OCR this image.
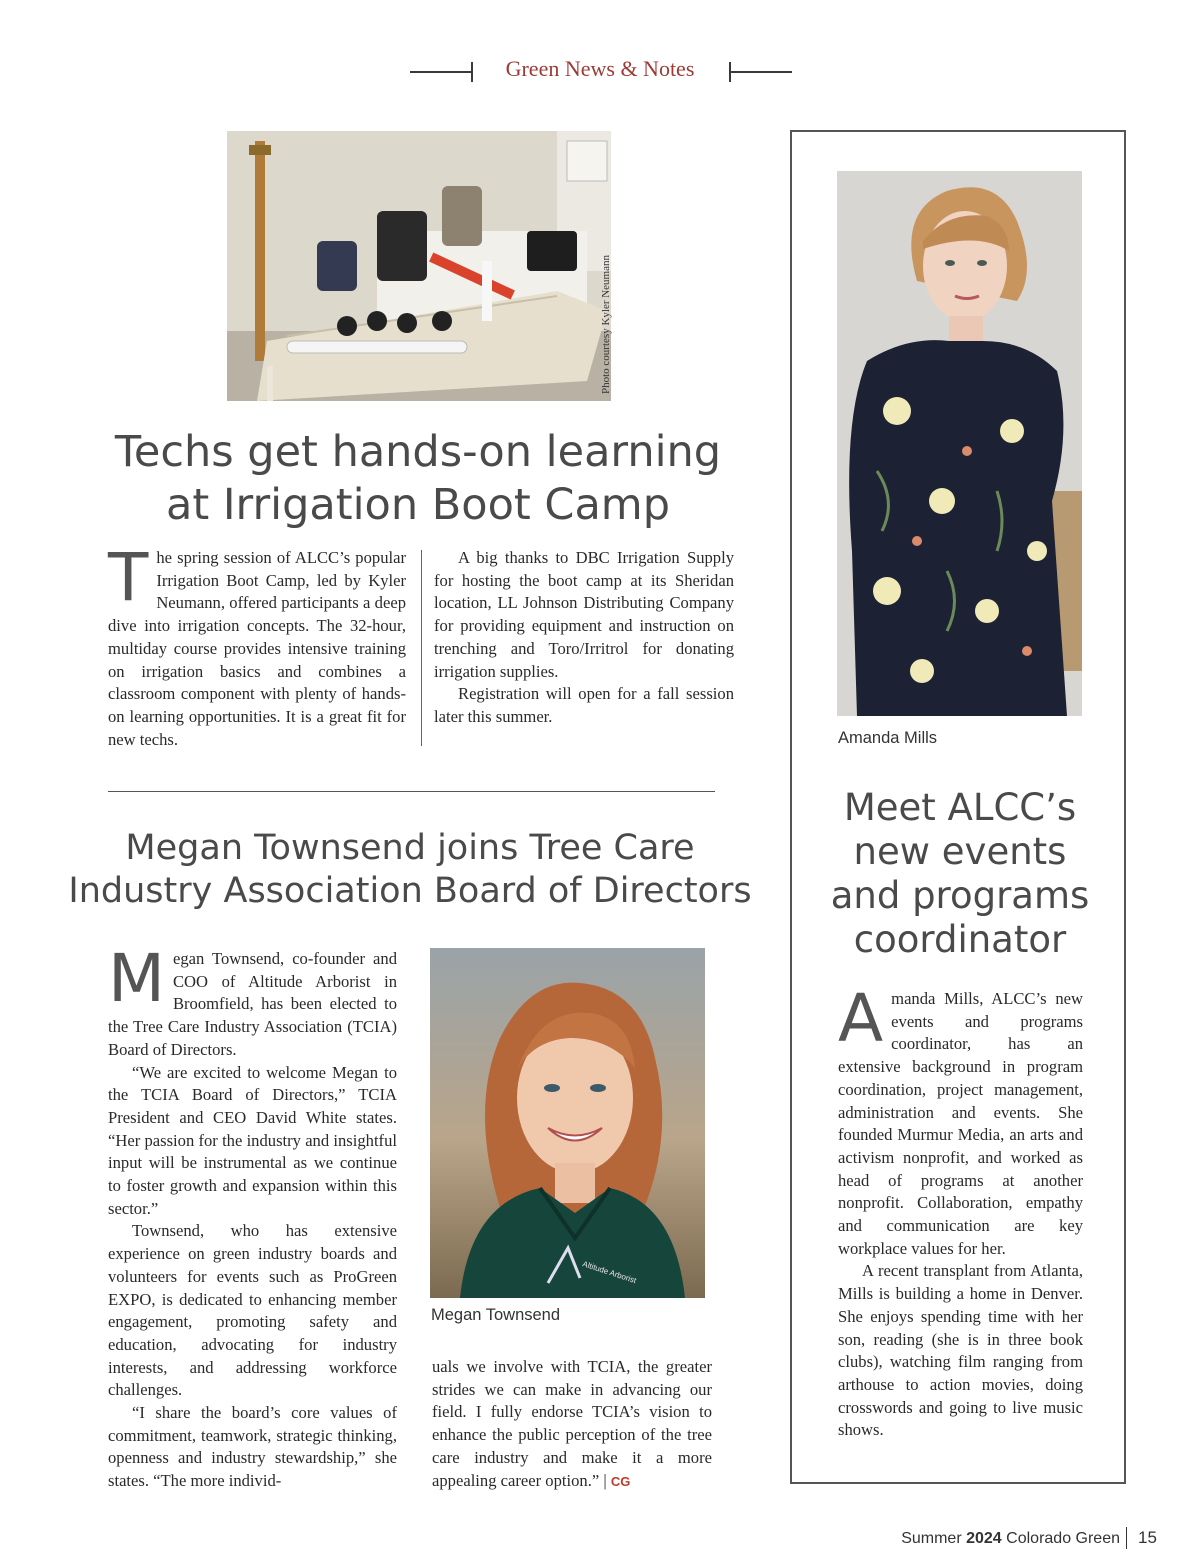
Green News & Notes
Photo courtesy Kyler Neumann
Techs get hands-on learning
at Irrigation Boot Camp

The spring session of ALCC’s popular Irrigation Boot Camp, led by Kyler Neumann, offered participants a deep dive into irrigation concepts. The 32-hour, multiday course provides intensive training on irrigation basics and combines a classroom component with plenty of hands-on learning opportunities. It is a great fit for new techs.

A big thanks to DBC Irrigation Supply for hosting the boot camp at its Sheridan location, LL Johnson Distributing Company for providing equipment and instruction on trenching and Toro/Irritrol for donating irrigation supplies.

Registration will open for a fall session later this summer.

Megan Townsend joins Tree Care
Industry Association Board of Directors

Megan Townsend, co-founder and COO of Altitude Arborist in Broomfield, has been elected to the Tree Care Industry Association (TCIA) Board of Directors.

“We are excited to welcome Megan to the TCIA Board of Directors,” TCIA President and CEO David White states. “Her passion for the industry and insightful input will be instrumental as we continue to foster growth and expansion within this sector.”

Townsend, who has extensive experience on green industry boards and volunteers for events such as ProGreen EXPO, is dedicated to enhancing member engagement, promoting safety and education, advocating for industry interests, and addressing workforce challenges.

“I share the board’s core values of commitment, teamwork, strategic thinking, openness and industry stewardship,” she states. “The more individ-

Altitude Arborist
Megan Townsend

uals we involve with TCIA, the greater strides we can make in advancing our field. I fully endorse TCIA’s vision to enhance the public perception of the tree care industry and make it a more appealing career option.” | CG

Amanda Mills
Meet ALCC’s
new events
and programs
coordinator

Amanda Mills, ALCC’s new events and programs coordinator, has an extensive background in program coordination, project management, administration and events. She founded Murmur Media, an arts and activism nonprofit, and worked as head of programs at another nonprofit. Collaboration, empathy and communication are key workplace values for her.

A recent transplant from Atlanta, Mills is building a home in Denver. She enjoys spending time with her son, reading (she is in three book clubs), watching film ranging from arthouse to action movies, doing crosswords and going to live music shows.

Summer 2024 Colorado Green 15
